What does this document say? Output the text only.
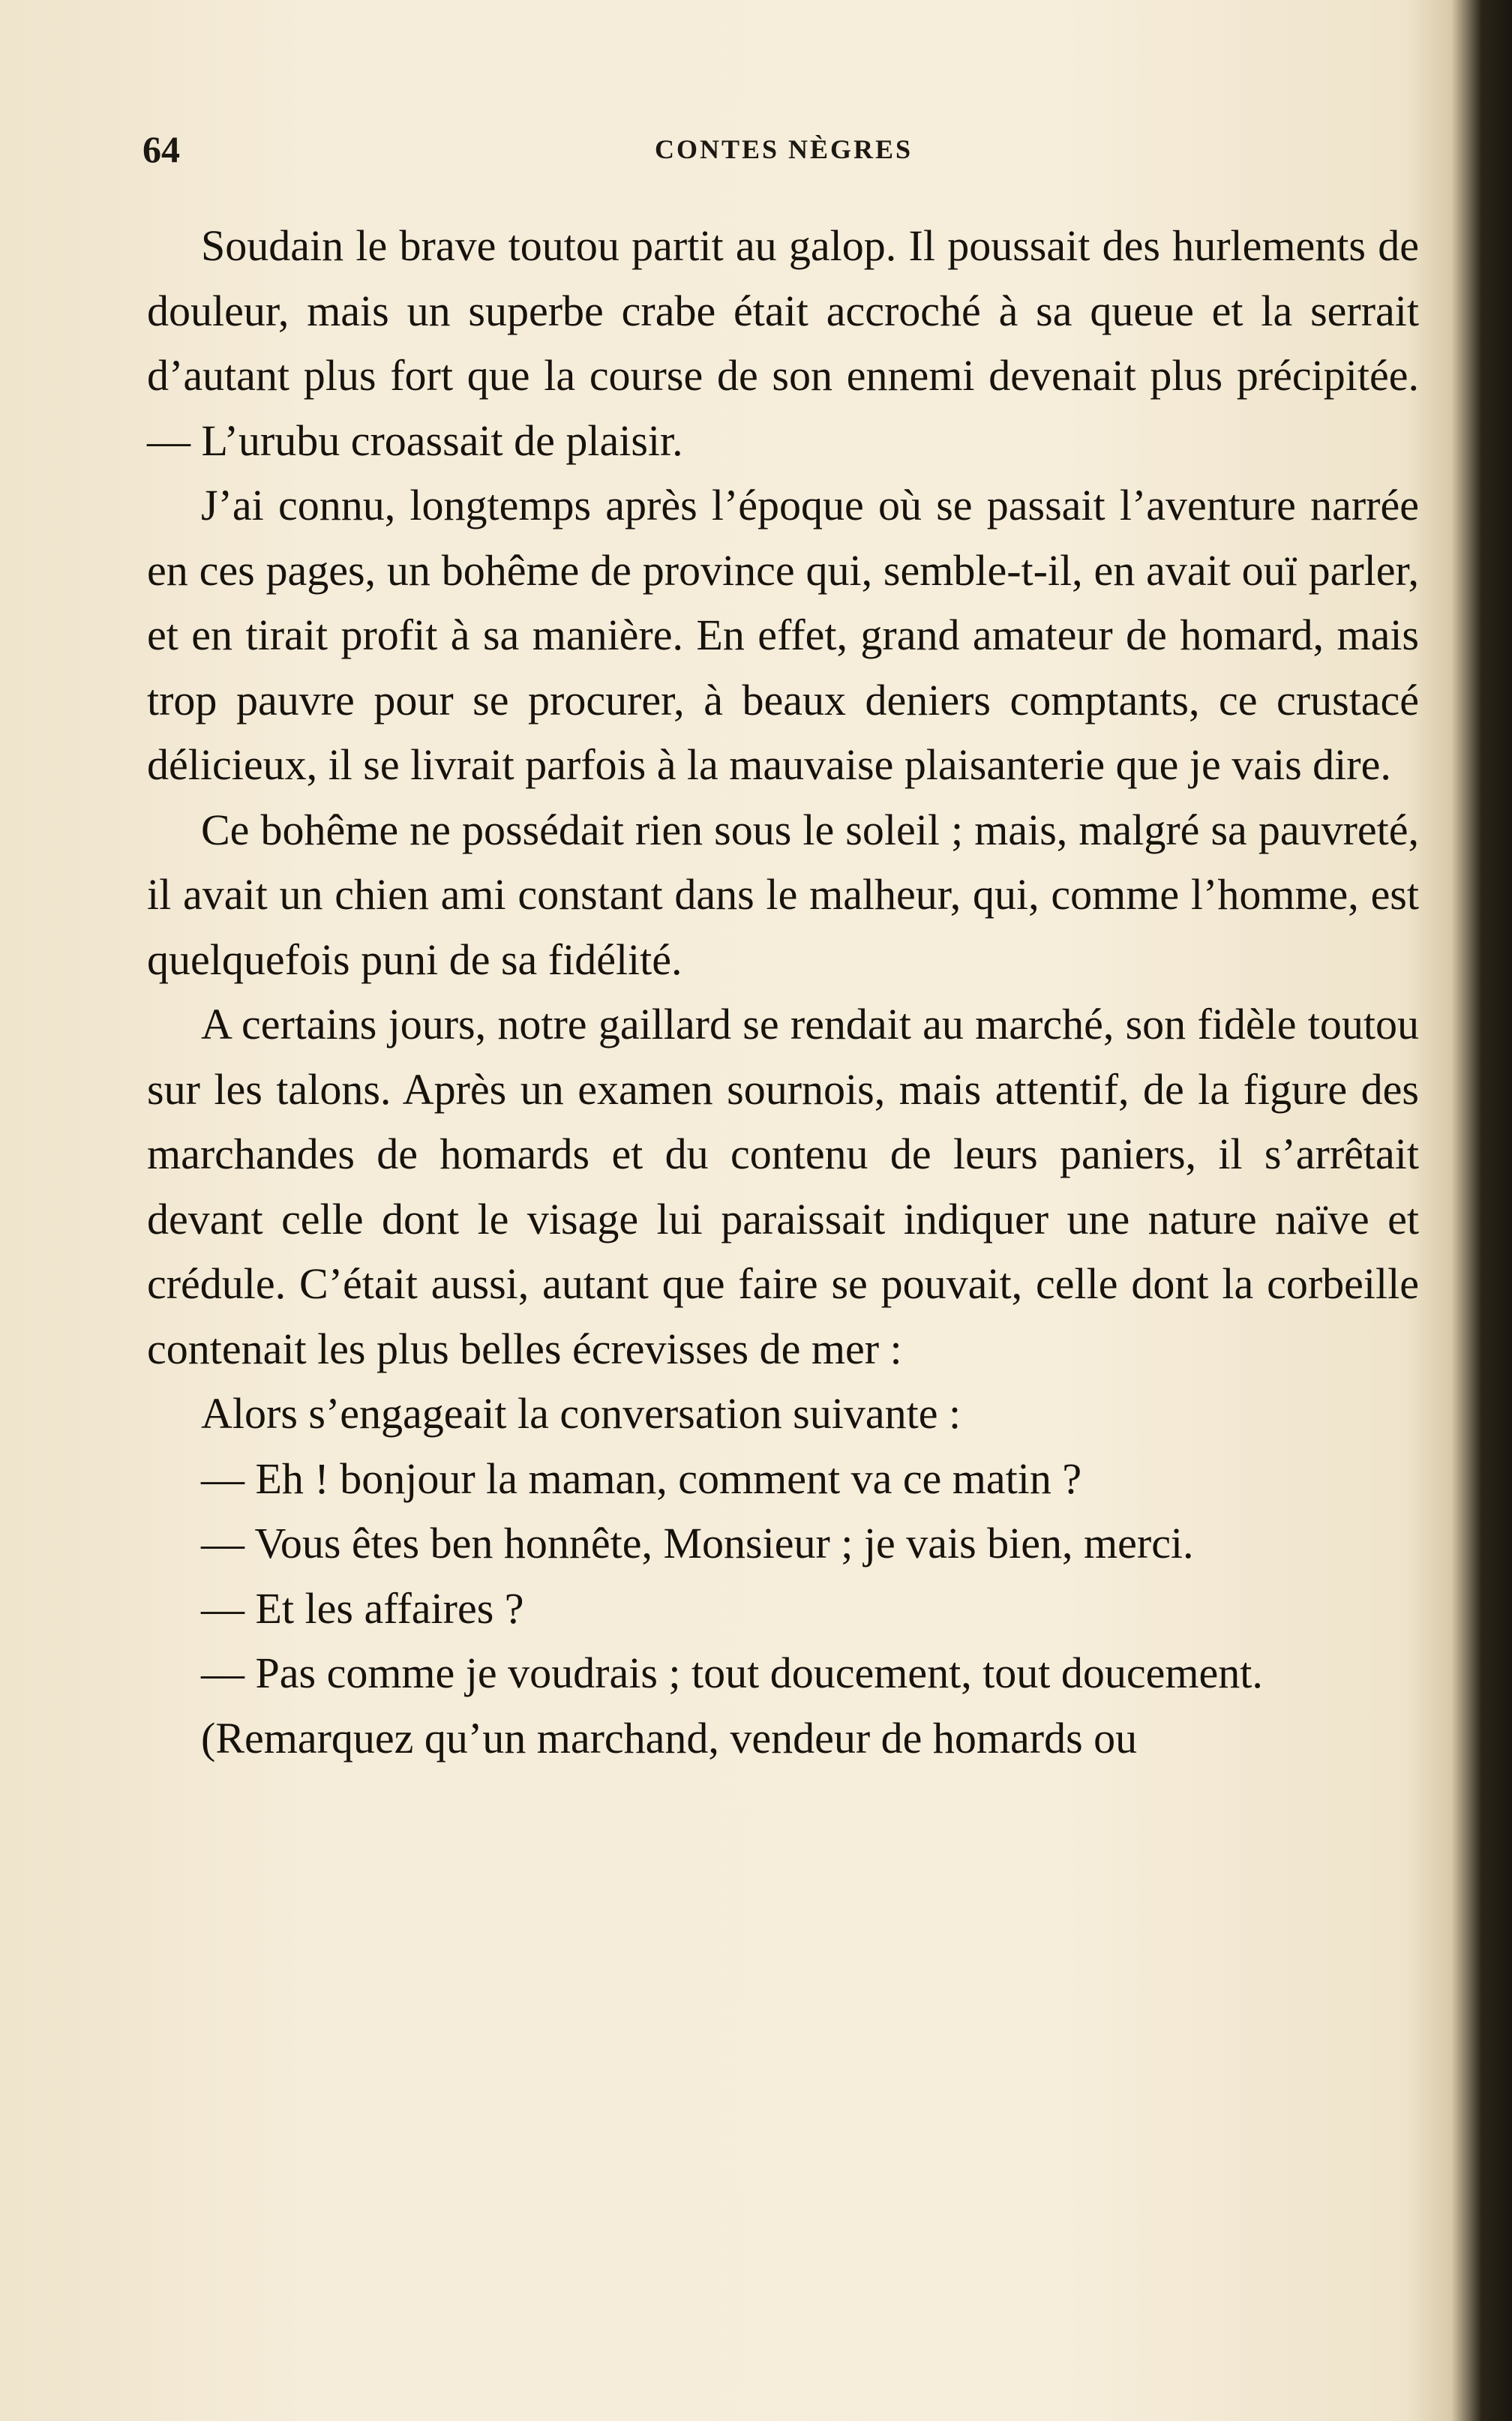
64	CONTES NÈGRES

Soudain le brave toutou partit au galop. Il poussait des hurlements de douleur, mais un superbe crabe était accroché à sa queue et la serrait d’autant plus fort que la course de son ennemi devenait plus précipitée. — L’urubu croassait de plaisir.

J’ai connu, longtemps après l’époque où se passait l’aventure narrée en ces pages, un bohême de province qui, semble-t-il, en avait ouï parler, et en tirait profit à sa manière. En effet, grand amateur de homard, mais trop pauvre pour se procurer, à beaux deniers comptants, ce crustacé délicieux, il se livrait parfois à la mauvaise plaisanterie que je vais dire.

Ce bohême ne possédait rien sous le soleil ; mais, malgré sa pauvreté, il avait un chien ami constant dans le malheur, qui, comme l’homme, est quelquefois puni de sa fidélité.

A certains jours, notre gaillard se rendait au marché, son fidèle toutou sur les talons. Après un examen sournois, mais attentif, de la figure des marchandes de homards et du contenu de leurs paniers, il s’arrêtait devant celle dont le visage lui paraissait indiquer une nature naïve et crédule. C’était aussi, autant que faire se pouvait, celle dont la corbeille contenait les plus belles écrevisses de mer :

Alors s’engageait la conversation suivante :

— Eh ! bonjour la maman, comment va ce matin ?

— Vous êtes ben honnête, Monsieur ; je vais bien, merci.

— Et les affaires ?

— Pas comme je voudrais ; tout doucement, tout doucement.

(Remarquez qu’un marchand, vendeur de homards ou
